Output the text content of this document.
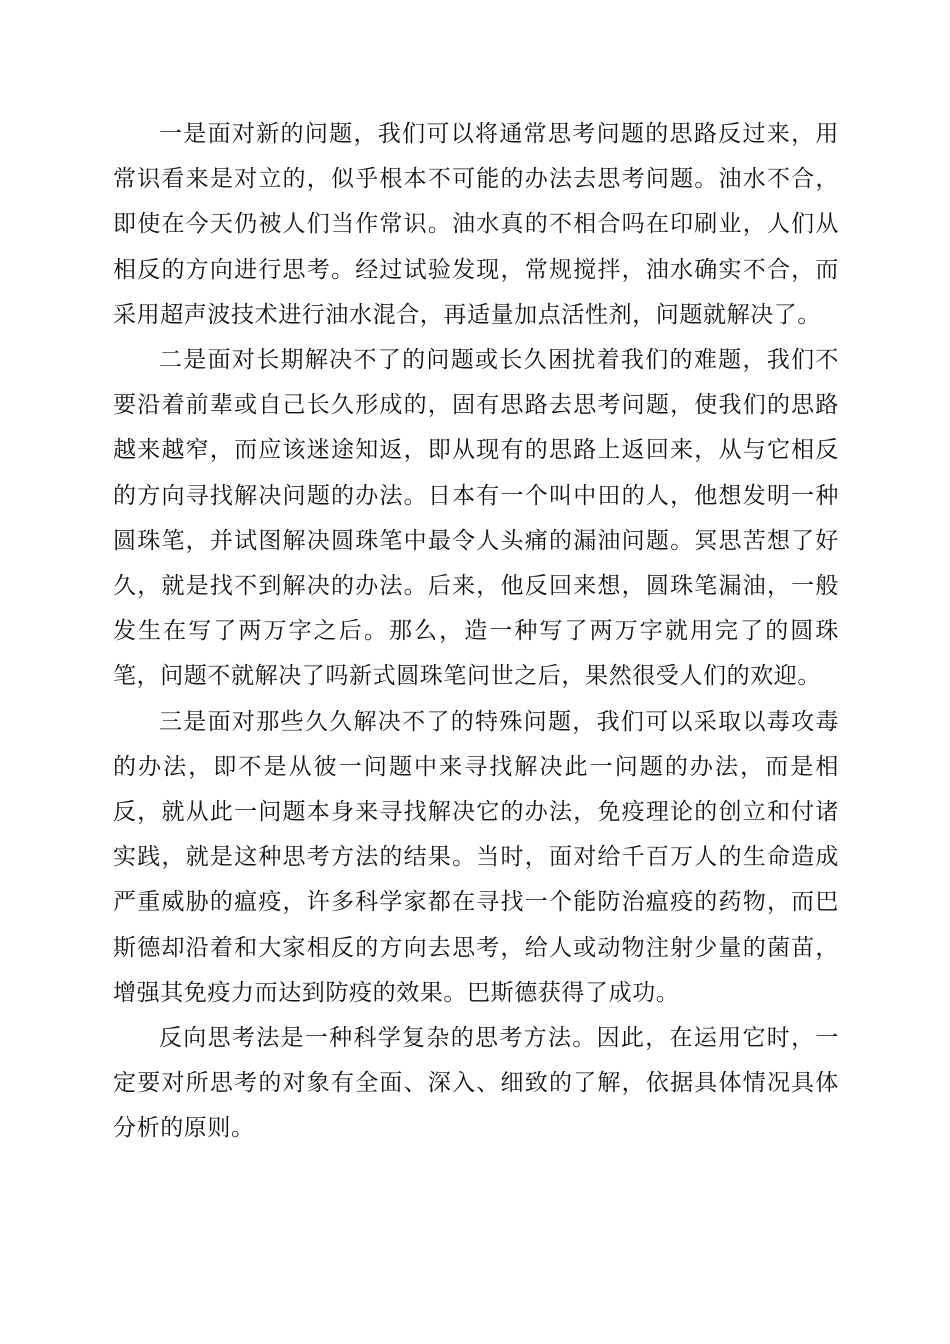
一是面对新的问题，我们可以将通常思考问题的思路反过来，用常识看来是对立的，似乎根本不可能的办法去思考问题。油水不合，即使在今天仍被人们当作常识。油水真的不相合吗在印刷业，人们从相反的方向进行思考。经过试验发现，常规搅拌，油水确实不合，而采用超声波技术进行油水混合，再适量加点活性剂，问题就解决了。

二是面对长期解决不了的问题或长久困扰着我们的难题，我们不要沿着前辈或自己长久形成的，固有思路去思考问题，使我们的思路越来越窄，而应该迷途知返，即从现有的思路上返回来，从与它相反的方向寻找解决问题的办法。日本有一个叫中田的人，他想发明一种圆珠笔，并试图解决圆珠笔中最令人头痛的漏油问题。冥思苦想了好久，就是找不到解决的办法。后来，他反回来想，圆珠笔漏油，一般发生在写了两万字之后。那么，造一种写了两万字就用完了的圆珠笔，问题不就解决了吗新式圆珠笔问世之后，果然很受人们的欢迎。

三是面对那些久久解决不了的特殊问题，我们可以采取以毒攻毒的办法，即不是从彼一问题中来寻找解决此一问题的办法，而是相反，就从此一问题本身来寻找解决它的办法，免疫理论的创立和付诸实践，就是这种思考方法的结果。当时，面对给千百万人的生命造成严重威胁的瘟疫，许多科学家都在寻找一个能防治瘟疫的药物，而巴斯德却沿着和大家相反的方向去思考，给人或动物注射少量的菌苗，增强其免疫力而达到防疫的效果。巴斯德获得了成功。

反向思考法是一种科学复杂的思考方法。因此，在运用它时，一定要对所思考的对象有全面、深入、细致的了解，依据具体情况具体分析的原则。
